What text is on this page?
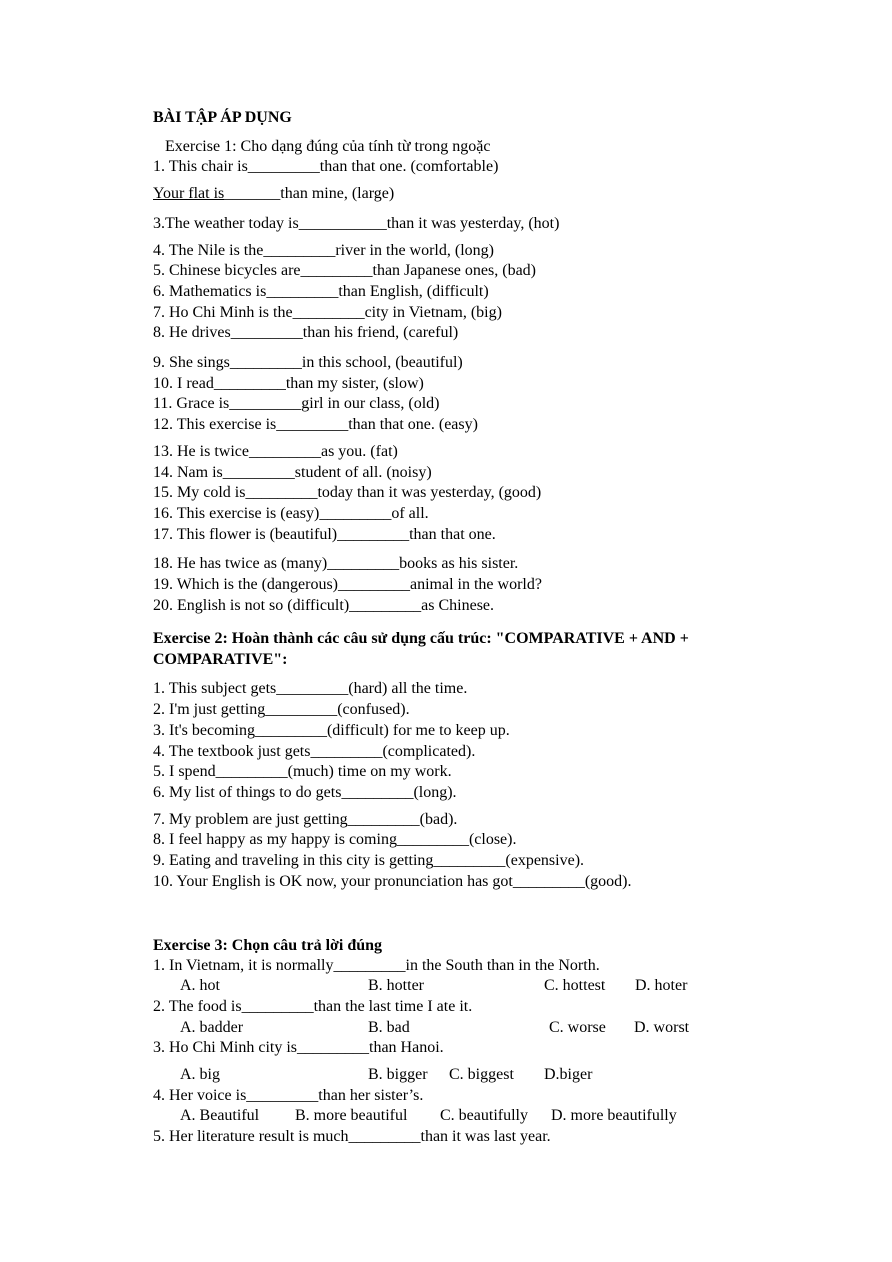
BÀI TẬP ÁP DỤNG
Exercise 1: Cho dạng đúng của tính từ trong ngoặc
1. This chair is_________than that one. (comfortable)
Your flat is_______than mine, (large)
3.The weather today is___________than it was yesterday, (hot)
4. The Nile is the_________river in the world, (long)
5. Chinese bicycles are_________than Japanese ones, (bad)
6. Mathematics is_________than English, (difficult)
7. Ho Chi Minh is the_________city in Vietnam, (big)
8. He drives_________than his friend, (careful)
9. She sings_________in this school, (beautiful)
10. I read_________than my sister, (slow)
11. Grace is_________girl in our class, (old)
12. This exercise is_________than that one. (easy)
13. He is twice_________as you. (fat)
14. Nam is_________student of all. (noisy)
15. My cold is_________today than it was yesterday, (good)
16. This exercise is (easy)_________of all.
17. This flower is (beautiful)_________than that one.
18. He has twice as (many)_________books as his sister.
19. Which is the (dangerous)_________animal in the world?
20. English is not so (difficult)_________as Chinese.
Exercise 2: Hoàn thành các câu sử dụng cấu trúc: "COMPARATIVE + AND + COMPARATIVE":
1. This subject gets_________(hard) all the time.
2. I'm just getting_________(confused).
3. It's becoming_________(difficult) for me to keep up.
4. The textbook just gets_________(complicated).
5. I spend_________(much) time on my work.
6. My list of things to do gets_________(long).
7. My problem are just getting_________(bad).
8. I feel happy as my happy is coming_________(close).
9. Eating and traveling in this city is getting_________(expensive).
10. Your English is OK now, your pronunciation has got_________(good).
Exercise 3: Chọn câu trả lời đúng
1. In Vietnam, it is normally_________in the South than in the North.

A. hot

	B. hotter

	C. hottest

D. hoter

2. The food is_________than the last time I ate it.

A. badder

	B. bad

	C. worse

D. worst

3. Ho Chi Minh city is_________than Hanoi.

A. big

	B. bigger

C. biggest

D.biger

4. Her voice is_________than her sister’s.

A. Beautiful

B. more beautiful

C. beautifully

D. more beautifully

5. Her literature result is much_________than it was last year.
